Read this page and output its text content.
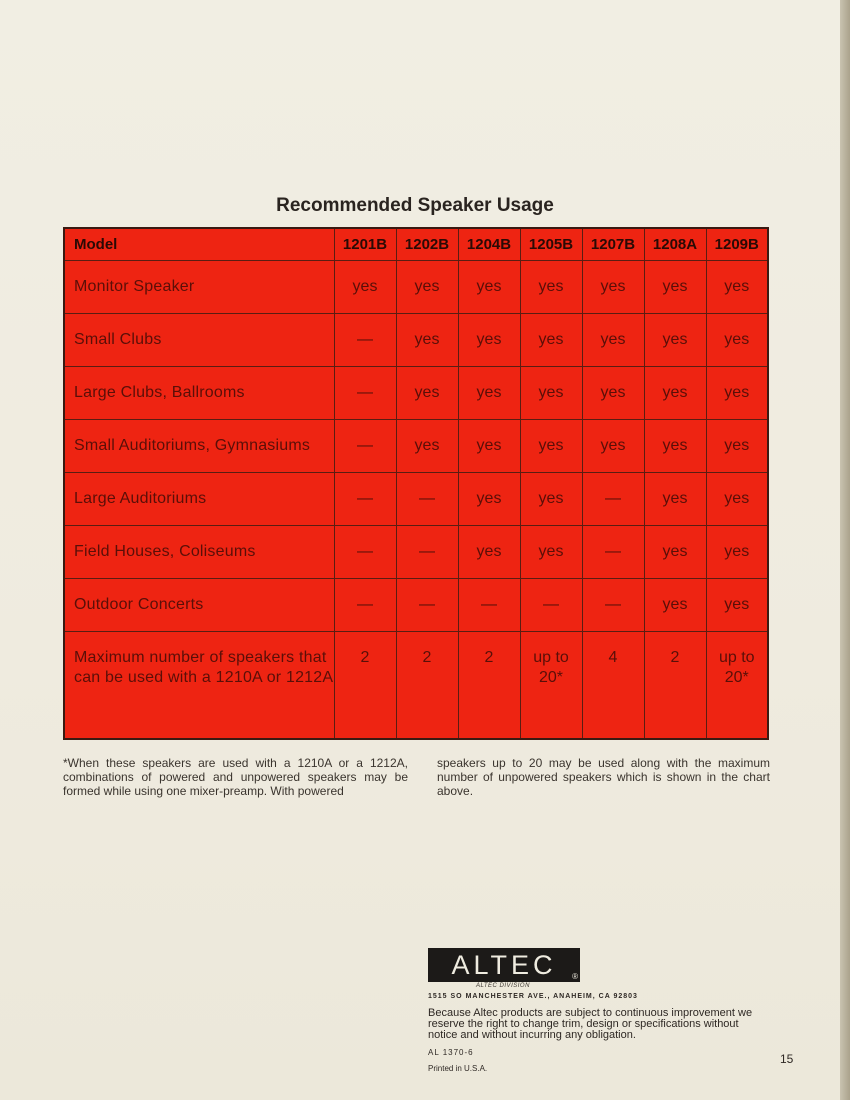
Recommended Speaker Usage
Model	1201B	1202B	1204B	1205B	1207B	1208A	1209B
Monitor Speaker	yes	yes	yes	yes	yes	yes	yes
Small Clubs	—	yes	yes	yes	yes	yes	yes
Large Clubs, Ballrooms	—	yes	yes	yes	yes	yes	yes
Small Auditoriums, Gymnasiums	—	yes	yes	yes	yes	yes	yes
Large Auditoriums	—	—	yes	yes	—	yes	yes
Field Houses, Coliseums	—	—	yes	yes	—	yes	yes
Outdoor Concerts	—	—	—	—	—	yes	yes
Maximum number of speakers that can be used with a 1210A or 1212A	2	2	2	up to 20*	4	2	up to 20*
*When these speakers are used with a 1210A or a 1212A, combinations of powered and unpowered speakers may be formed while using one mixer-preamp. With powered
speakers up to 20 may be used along with the maximum number of unpowered speakers which is shown in the chart above.
ALTEC ®
ALTEC DIVISION
1515 SO MANCHESTER AVE., ANAHEIM, CA 92803
Because Altec products are subject to continuous improvement we reserve the right to change trim, design or specifications without notice and without incurring any obligation.
AL 1370-6
Printed in U.S.A.
15
